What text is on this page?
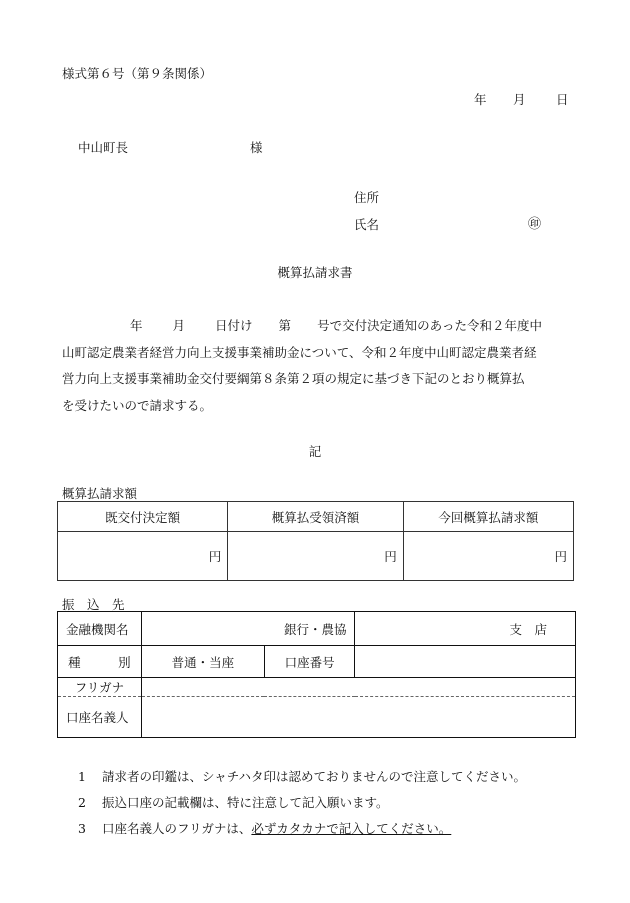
様式第６号（第９条関係）
年 月 日
中山町長	様
住所
氏名	㊞
概算払請求書
年 月 日付け 第 号で交付決定通知のあった令和２年度中
山町認定農業者経営力向上支援事業補助金について、令和２年度中山町認定農業者経
営力向上支援事業補助金交付要綱第８条第２項の規定に基づき下記のとおり概算払
を受けたいので請求する。
記
概算払請求額
既交付決定額	概算払受領済額	今回概算払請求額
円	円	円
振　込　先
金融機関名	銀行・農協		支　店
種　　　別	普通・当座	口座番号	
フリガナ			
口座名義人			
1 請求者の印鑑は、シャチハタ印は認めておりませんので注意してください。
2 振込口座の記載欄は、特に注意して記入願います。
3 口座名義人のフリガナは、必ずカタカナで記入してください。
